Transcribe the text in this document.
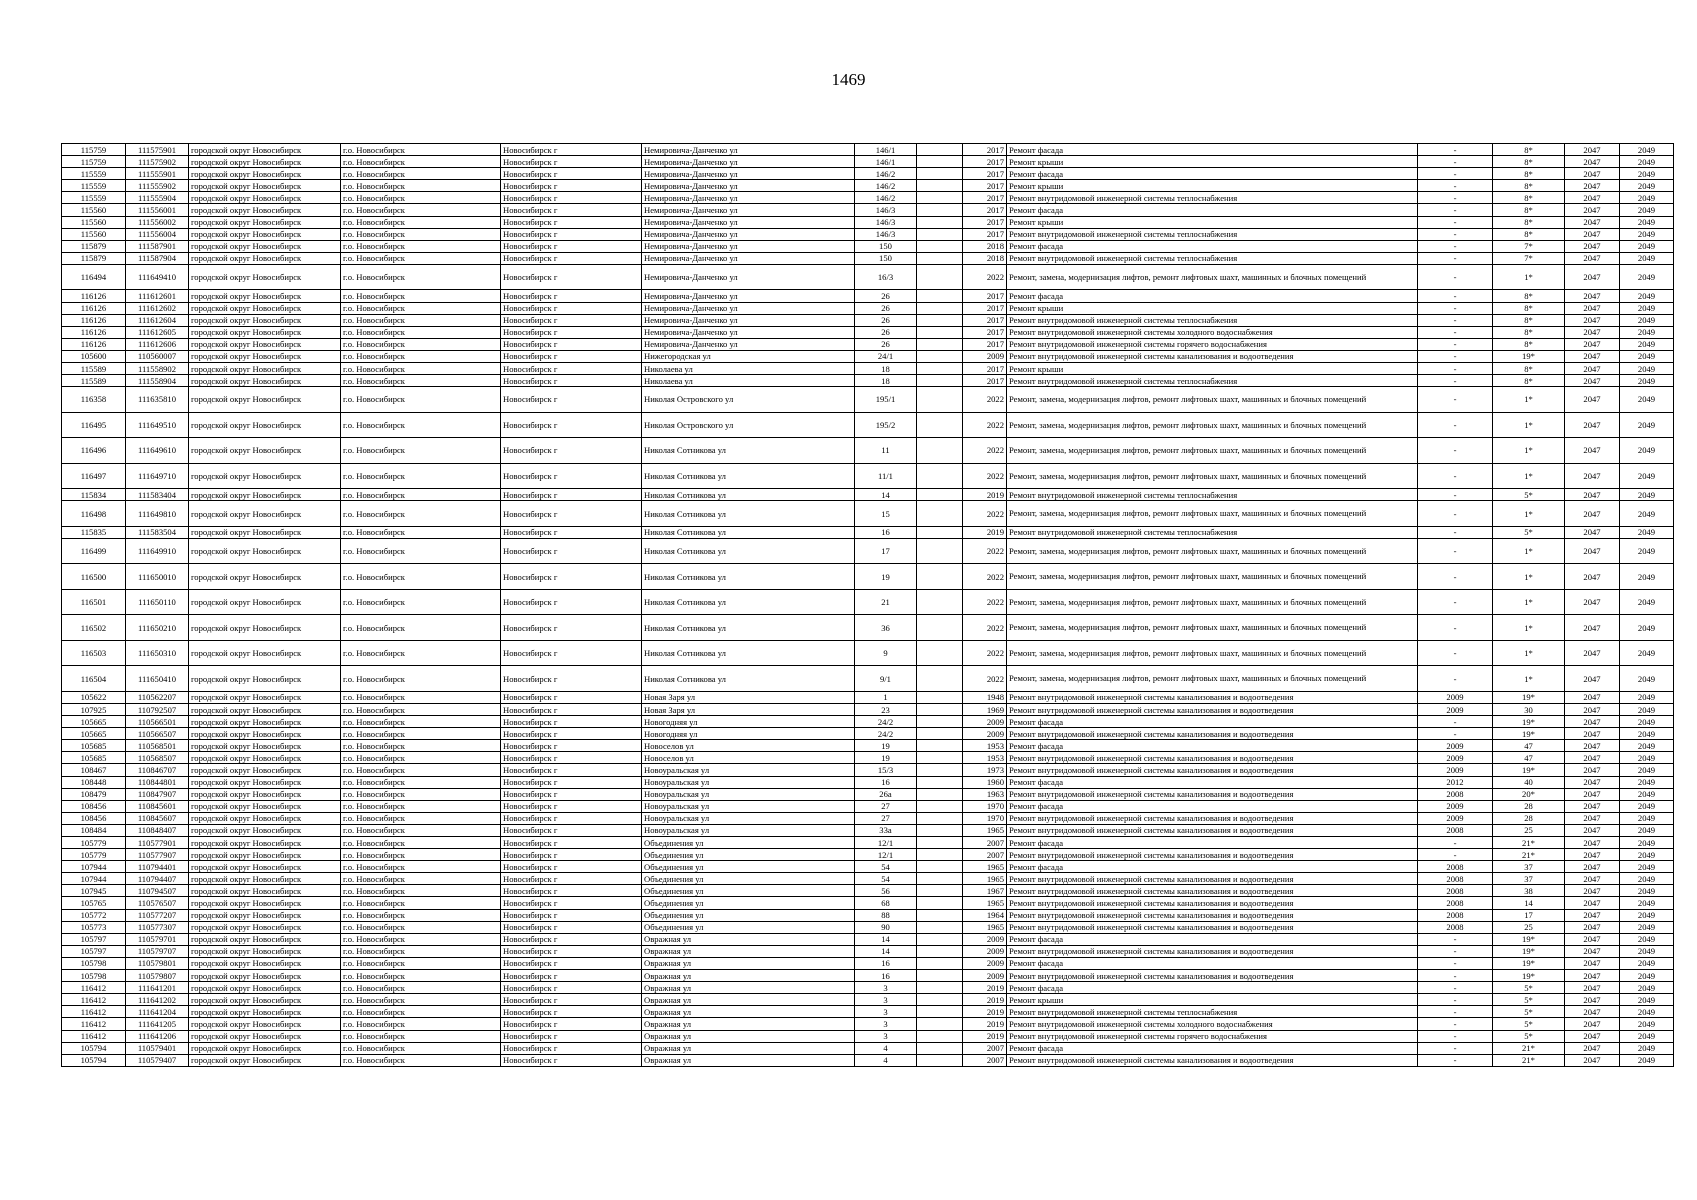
1469
115759	111575901	городской округ Новосибирск	г.о. Новосибирск	Новосибирск г	Немировича-Данченко ул	146/1		2017	Ремонт фасада	-	8*	2047	2049
115759	111575902	городской округ Новосибирск	г.о. Новосибирск	Новосибирск г	Немировича-Данченко ул	146/1		2017	Ремонт крыши	-	8*	2047	2049
115559	111555901	городской округ Новосибирск	г.о. Новосибирск	Новосибирск г	Немировича-Данченко ул	146/2		2017	Ремонт фасада	-	8*	2047	2049
115559	111555902	городской округ Новосибирск	г.о. Новосибирск	Новосибирск г	Немировича-Данченко ул	146/2		2017	Ремонт крыши	-	8*	2047	2049
115559	111555904	городской округ Новосибирск	г.о. Новосибирск	Новосибирск г	Немировича-Данченко ул	146/2		2017	Ремонт внутридомовой инженерной системы теплоснабжения	-	8*	2047	2049
115560	111556001	городской округ Новосибирск	г.о. Новосибирск	Новосибирск г	Немировича-Данченко ул	146/3		2017	Ремонт фасада	-	8*	2047	2049
115560	111556002	городской округ Новосибирск	г.о. Новосибирск	Новосибирск г	Немировича-Данченко ул	146/3		2017	Ремонт крыши	-	8*	2047	2049
115560	111556004	городской округ Новосибирск	г.о. Новосибирск	Новосибирск г	Немировича-Данченко ул	146/3		2017	Ремонт внутридомовой инженерной системы теплоснабжения	-	8*	2047	2049
115879	111587901	городской округ Новосибирск	г.о. Новосибирск	Новосибирск г	Немировича-Данченко ул	150		2018	Ремонт фасада	-	7*	2047	2049
115879	111587904	городской округ Новосибирск	г.о. Новосибирск	Новосибирск г	Немировича-Данченко ул	150		2018	Ремонт внутридомовой инженерной системы теплоснабжения	-	7*	2047	2049
116494	111649410	городской округ Новосибирск	г.о. Новосибирск	Новосибирск г	Немировича-Данченко ул	16/3		2022	Ремонт, замена, модернизация лифтов, ремонт лифтовых шахт, машинных и блочных помещений	-	1*	2047	2049
116126	111612601	городской округ Новосибирск	г.о. Новосибирск	Новосибирск г	Немировича-Данченко ул	26		2017	Ремонт фасада	-	8*	2047	2049
116126	111612602	городской округ Новосибирск	г.о. Новосибирск	Новосибирск г	Немировича-Данченко ул	26		2017	Ремонт крыши	-	8*	2047	2049
116126	111612604	городской округ Новосибирск	г.о. Новосибирск	Новосибирск г	Немировича-Данченко ул	26		2017	Ремонт внутридомовой инженерной системы теплоснабжения	-	8*	2047	2049
116126	111612605	городской округ Новосибирск	г.о. Новосибирск	Новосибирск г	Немировича-Данченко ул	26		2017	Ремонт внутридомовой инженерной системы холодного водоснабжения	-	8*	2047	2049
116126	111612606	городской округ Новосибирск	г.о. Новосибирск	Новосибирск г	Немировича-Данченко ул	26		2017	Ремонт внутридомовой инженерной системы горячего водоснабжения	-	8*	2047	2049
105600	110560007	городской округ Новосибирск	г.о. Новосибирск	Новосибирск г	Нижегородская ул	24/1		2009	Ремонт внутридомовой инженерной системы канализования и водоотведения	-	19*	2047	2049
115589	111558902	городской округ Новосибирск	г.о. Новосибирск	Новосибирск г	Николаева ул	18		2017	Ремонт крыши	-	8*	2047	2049
115589	111558904	городской округ Новосибирск	г.о. Новосибирск	Новосибирск г	Николаева ул	18		2017	Ремонт внутридомовой инженерной системы теплоснабжения	-	8*	2047	2049
116358	111635810	городской округ Новосибирск	г.о. Новосибирск	Новосибирск г	Николая Островского ул	195/1		2022	Ремонт, замена, модернизация лифтов, ремонт лифтовых шахт, машинных и блочных помещений	-	1*	2047	2049
116495	111649510	городской округ Новосибирск	г.о. Новосибирск	Новосибирск г	Николая Островского ул	195/2		2022	Ремонт, замена, модернизация лифтов, ремонт лифтовых шахт, машинных и блочных помещений	-	1*	2047	2049
116496	111649610	городской округ Новосибирск	г.о. Новосибирск	Новосибирск г	Николая Сотникова ул	11		2022	Ремонт, замена, модернизация лифтов, ремонт лифтовых шахт, машинных и блочных помещений	-	1*	2047	2049
116497	111649710	городской округ Новосибирск	г.о. Новосибирск	Новосибирск г	Николая Сотникова ул	11/1		2022	Ремонт, замена, модернизация лифтов, ремонт лифтовых шахт, машинных и блочных помещений	-	1*	2047	2049
115834	111583404	городской округ Новосибирск	г.о. Новосибирск	Новосибирск г	Николая Сотникова ул	14		2019	Ремонт внутридомовой инженерной системы теплоснабжения	-	5*	2047	2049
116498	111649810	городской округ Новосибирск	г.о. Новосибирск	Новосибирск г	Николая Сотникова ул	15		2022	Ремонт, замена, модернизация лифтов, ремонт лифтовых шахт, машинных и блочных помещений	-	1*	2047	2049
115835	111583504	городской округ Новосибирск	г.о. Новосибирск	Новосибирск г	Николая Сотникова ул	16		2019	Ремонт внутридомовой инженерной системы теплоснабжения	-	5*	2047	2049
116499	111649910	городской округ Новосибирск	г.о. Новосибирск	Новосибирск г	Николая Сотникова ул	17		2022	Ремонт, замена, модернизация лифтов, ремонт лифтовых шахт, машинных и блочных помещений	-	1*	2047	2049
116500	111650010	городской округ Новосибирск	г.о. Новосибирск	Новосибирск г	Николая Сотникова ул	19		2022	Ремонт, замена, модернизация лифтов, ремонт лифтовых шахт, машинных и блочных помещений	-	1*	2047	2049
116501	111650110	городской округ Новосибирск	г.о. Новосибирск	Новосибирск г	Николая Сотникова ул	21		2022	Ремонт, замена, модернизация лифтов, ремонт лифтовых шахт, машинных и блочных помещений	-	1*	2047	2049
116502	111650210	городской округ Новосибирск	г.о. Новосибирск	Новосибирск г	Николая Сотникова ул	36		2022	Ремонт, замена, модернизация лифтов, ремонт лифтовых шахт, машинных и блочных помещений	-	1*	2047	2049
116503	111650310	городской округ Новосибирск	г.о. Новосибирск	Новосибирск г	Николая Сотникова ул	9		2022	Ремонт, замена, модернизация лифтов, ремонт лифтовых шахт, машинных и блочных помещений	-	1*	2047	2049
116504	111650410	городской округ Новосибирск	г.о. Новосибирск	Новосибирск г	Николая Сотникова ул	9/1		2022	Ремонт, замена, модернизация лифтов, ремонт лифтовых шахт, машинных и блочных помещений	-	1*	2047	2049
105622	110562207	городской округ Новосибирск	г.о. Новосибирск	Новосибирск г	Новая Заря ул	1		1948	Ремонт внутридомовой инженерной системы канализования и водоотведения	2009	19*	2047	2049
107925	110792507	городской округ Новосибирск	г.о. Новосибирск	Новосибирск г	Новая Заря ул	23		1969	Ремонт внутридомовой инженерной системы канализования и водоотведения	2009	30	2047	2049
105665	110566501	городской округ Новосибирск	г.о. Новосибирск	Новосибирск г	Новогодняя ул	24/2		2009	Ремонт фасада	-	19*	2047	2049
105665	110566507	городской округ Новосибирск	г.о. Новосибирск	Новосибирск г	Новогодняя ул	24/2		2009	Ремонт внутридомовой инженерной системы канализования и водоотведения	-	19*	2047	2049
105685	110568501	городской округ Новосибирск	г.о. Новосибирск	Новосибирск г	Новоселов ул	19		1953	Ремонт фасада	2009	47	2047	2049
105685	110568507	городской округ Новосибирск	г.о. Новосибирск	Новосибирск г	Новоселов ул	19		1953	Ремонт внутридомовой инженерной системы канализования и водоотведения	2009	47	2047	2049
108467	110846707	городской округ Новосибирск	г.о. Новосибирск	Новосибирск г	Новоуральская ул	15/3		1973	Ремонт внутридомовой инженерной системы канализования и водоотведения	2009	19*	2047	2049
108448	110844801	городской округ Новосибирск	г.о. Новосибирск	Новосибирск г	Новоуральская ул	16		1960	Ремонт фасада	2012	40	2047	2049
108479	110847907	городской округ Новосибирск	г.о. Новосибирск	Новосибирск г	Новоуральская ул	26а		1963	Ремонт внутридомовой инженерной системы канализования и водоотведения	2008	20*	2047	2049
108456	110845601	городской округ Новосибирск	г.о. Новосибирск	Новосибирск г	Новоуральская ул	27		1970	Ремонт фасада	2009	28	2047	2049
108456	110845607	городской округ Новосибирск	г.о. Новосибирск	Новосибирск г	Новоуральская ул	27		1970	Ремонт внутридомовой инженерной системы канализования и водоотведения	2009	28	2047	2049
108484	110848407	городской округ Новосибирск	г.о. Новосибирск	Новосибирск г	Новоуральская ул	33а		1965	Ремонт внутридомовой инженерной системы канализования и водоотведения	2008	25	2047	2049
105779	110577901	городской округ Новосибирск	г.о. Новосибирск	Новосибирск г	Объединения ул	12/1		2007	Ремонт фасада	-	21*	2047	2049
105779	110577907	городской округ Новосибирск	г.о. Новосибирск	Новосибирск г	Объединения ул	12/1		2007	Ремонт внутридомовой инженерной системы канализования и водоотведения	-	21*	2047	2049
107944	110794401	городской округ Новосибирск	г.о. Новосибирск	Новосибирск г	Объединения ул	54		1965	Ремонт фасада	2008	37	2047	2049
107944	110794407	городской округ Новосибирск	г.о. Новосибирск	Новосибирск г	Объединения ул	54		1965	Ремонт внутридомовой инженерной системы канализования и водоотведения	2008	37	2047	2049
107945	110794507	городской округ Новосибирск	г.о. Новосибирск	Новосибирск г	Объединения ул	56		1967	Ремонт внутридомовой инженерной системы канализования и водоотведения	2008	38	2047	2049
105765	110576507	городской округ Новосибирск	г.о. Новосибирск	Новосибирск г	Объединения ул	68		1965	Ремонт внутридомовой инженерной системы канализования и водоотведения	2008	14	2047	2049
105772	110577207	городской округ Новосибирск	г.о. Новосибирск	Новосибирск г	Объединения ул	88		1964	Ремонт внутридомовой инженерной системы канализования и водоотведения	2008	17	2047	2049
105773	110577307	городской округ Новосибирск	г.о. Новосибирск	Новосибирск г	Объединения ул	90		1965	Ремонт внутридомовой инженерной системы канализования и водоотведения	2008	25	2047	2049
105797	110579701	городской округ Новосибирск	г.о. Новосибирск	Новосибирск г	Овражная ул	14		2009	Ремонт фасада	-	19*	2047	2049
105797	110579707	городской округ Новосибирск	г.о. Новосибирск	Новосибирск г	Овражная ул	14		2009	Ремонт внутридомовой инженерной системы канализования и водоотведения	-	19*	2047	2049
105798	110579801	городской округ Новосибирск	г.о. Новосибирск	Новосибирск г	Овражная ул	16		2009	Ремонт фасада	-	19*	2047	2049
105798	110579807	городской округ Новосибирск	г.о. Новосибирск	Новосибирск г	Овражная ул	16		2009	Ремонт внутридомовой инженерной системы канализования и водоотведения	-	19*	2047	2049
116412	111641201	городской округ Новосибирск	г.о. Новосибирск	Новосибирск г	Овражная ул	3		2019	Ремонт фасада	-	5*	2047	2049
116412	111641202	городской округ Новосибирск	г.о. Новосибирск	Новосибирск г	Овражная ул	3		2019	Ремонт крыши	-	5*	2047	2049
116412	111641204	городской округ Новосибирск	г.о. Новосибирск	Новосибирск г	Овражная ул	3		2019	Ремонт внутридомовой инженерной системы теплоснабжения	-	5*	2047	2049
116412	111641205	городской округ Новосибирск	г.о. Новосибирск	Новосибирск г	Овражная ул	3		2019	Ремонт внутридомовой инженерной системы холодного водоснабжения	-	5*	2047	2049
116412	111641206	городской округ Новосибирск	г.о. Новосибирск	Новосибирск г	Овражная ул	3		2019	Ремонт внутридомовой инженерной системы горячего водоснабжения	-	5*	2047	2049
105794	110579401	городской округ Новосибирск	г.о. Новосибирск	Новосибирск г	Овражная ул	4		2007	Ремонт фасада	-	21*	2047	2049
105794	110579407	городской округ Новосибирск	г.о. Новосибирск	Новосибирск г	Овражная ул	4		2007	Ремонт внутридомовой инженерной системы канализования и водоотведения	-	21*	2047	2049
